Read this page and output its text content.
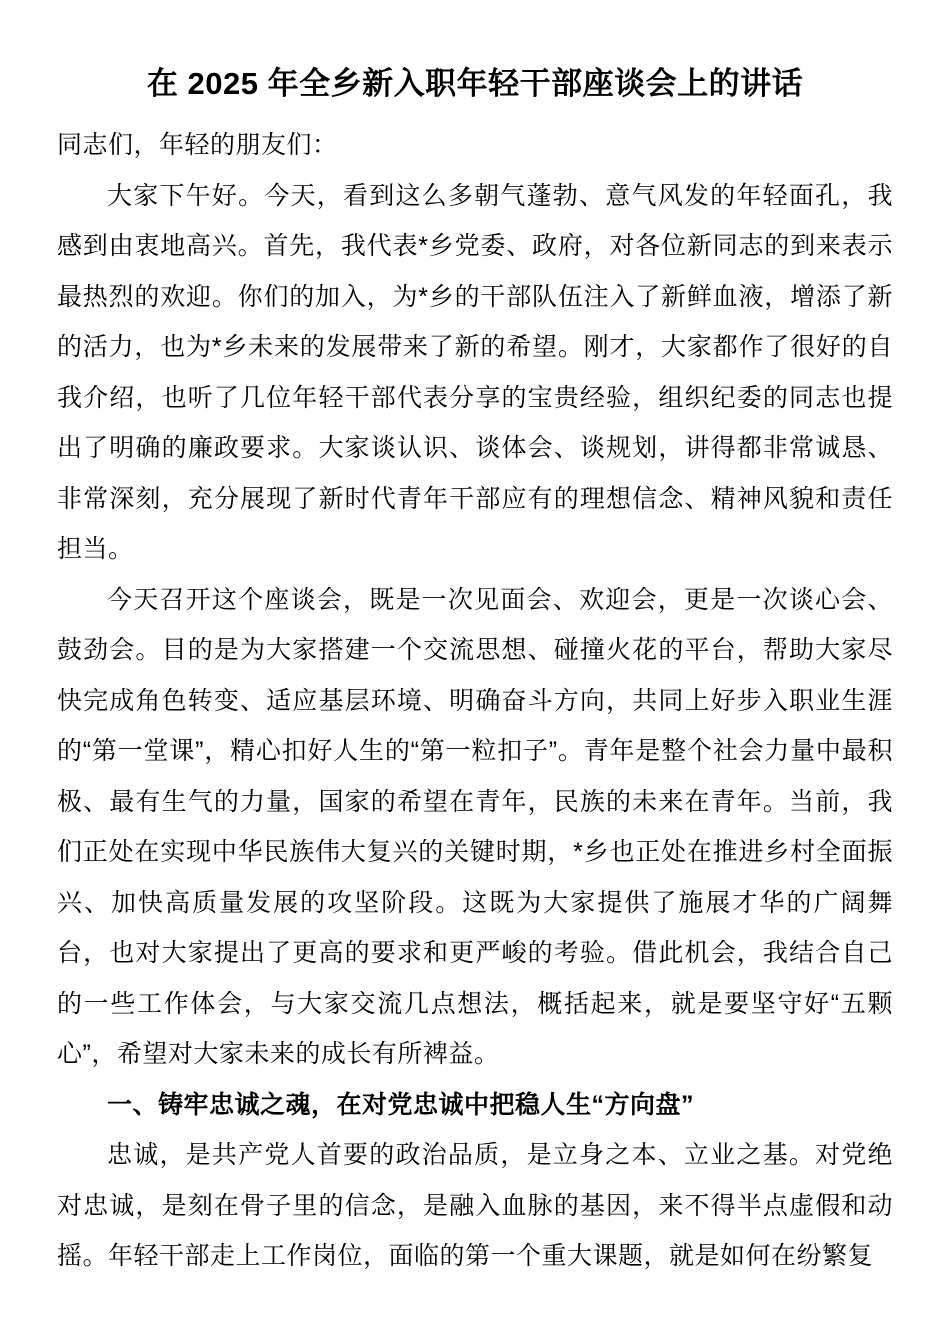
在 2025 年全乡新入职年轻干部座谈会上的讲话

同志们，年轻的朋友们：

大家下午好。今天，看到这么多朝气蓬勃、意气风发的年轻面孔，我感到由衷地高兴。首先，我代表*乡党委、政府，对各位新同志的到来表示最热烈的欢迎。你们的加入，为*乡的干部队伍注入了新鲜血液，增添了新的活力，也为*乡未来的发展带来了新的希望。刚才，大家都作了很好的自我介绍，也听了几位年轻干部代表分享的宝贵经验，组织纪委的同志也提出了明确的廉政要求。大家谈认识、谈体会、谈规划，讲得都非常诚恳、非常深刻，充分展现了新时代青年干部应有的理想信念、精神风貌和责任担当。

今天召开这个座谈会，既是一次见面会、欢迎会，更是一次谈心会、鼓劲会。目的是为大家搭建一个交流思想、碰撞火花的平台，帮助大家尽快完成角色转变、适应基层环境、明确奋斗方向，共同上好步入职业生涯的“第一堂课”，精心扣好人生的“第一粒扣子”。青年是整个社会力量中最积极、最有生气的力量，国家的希望在青年，民族的未来在青年。当前，我们正处在实现中华民族伟大复兴的关键时期，*乡也正处在推进乡村全面振兴、加快高质量发展的攻坚阶段。这既为大家提供了施展才华的广阔舞台，也对大家提出了更高的要求和更严峻的考验。借此机会，我结合自己的一些工作体会，与大家交流几点想法，概括起来，就是要坚守好“五颗心”，希望对大家未来的成长有所裨益。

一、铸牢忠诚之魂，在对党忠诚中把稳人生“方向盘”

忠诚，是共产党人首要的政治品质，是立身之本、立业之基。对党绝对忠诚，是刻在骨子里的信念，是融入血脉的基因，来不得半点虚假和动摇。年轻干部走上工作岗位，面临的第一个重大课题，就是如何在纷繁复
